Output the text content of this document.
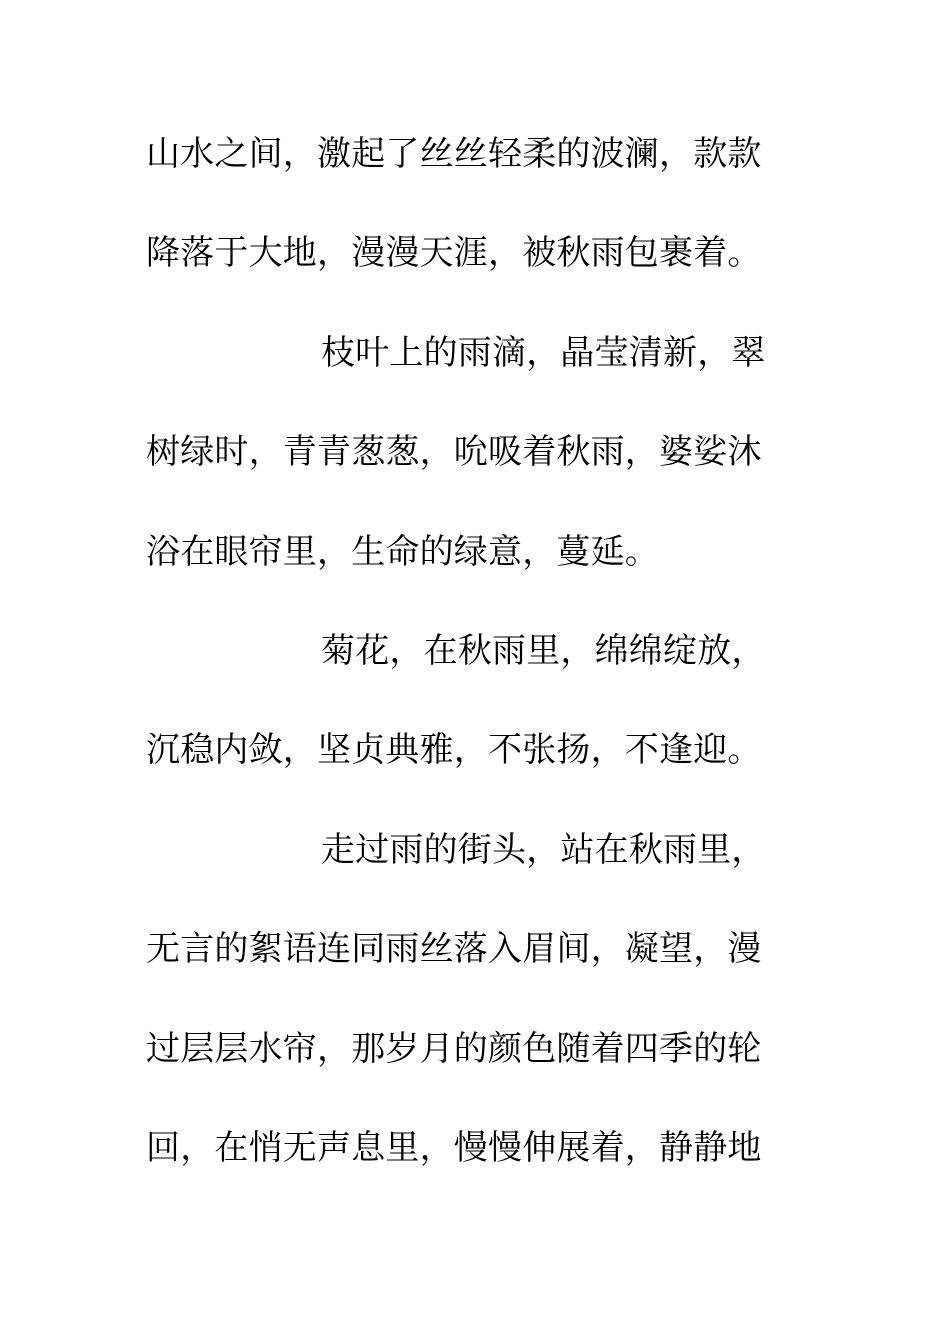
山水之间，激起了丝丝轻柔的波澜，款款
降落于大地，漫漫天涯，被秋雨包裹着。
枝叶上的雨滴，晶莹清新，翠
树绿时，青青葱葱，吮吸着秋雨，婆娑沐
浴在眼帘里，生命的绿意，蔓延。
菊花，在秋雨里，绵绵绽放，
沉稳内敛，坚贞典雅，不张扬，不逢迎。
走过雨的街头，站在秋雨里，
无言的絮语连同雨丝落入眉间，凝望，漫
过层层水帘，那岁月的颜色随着四季的轮
回，在悄无声息里，慢慢伸展着，静静地
